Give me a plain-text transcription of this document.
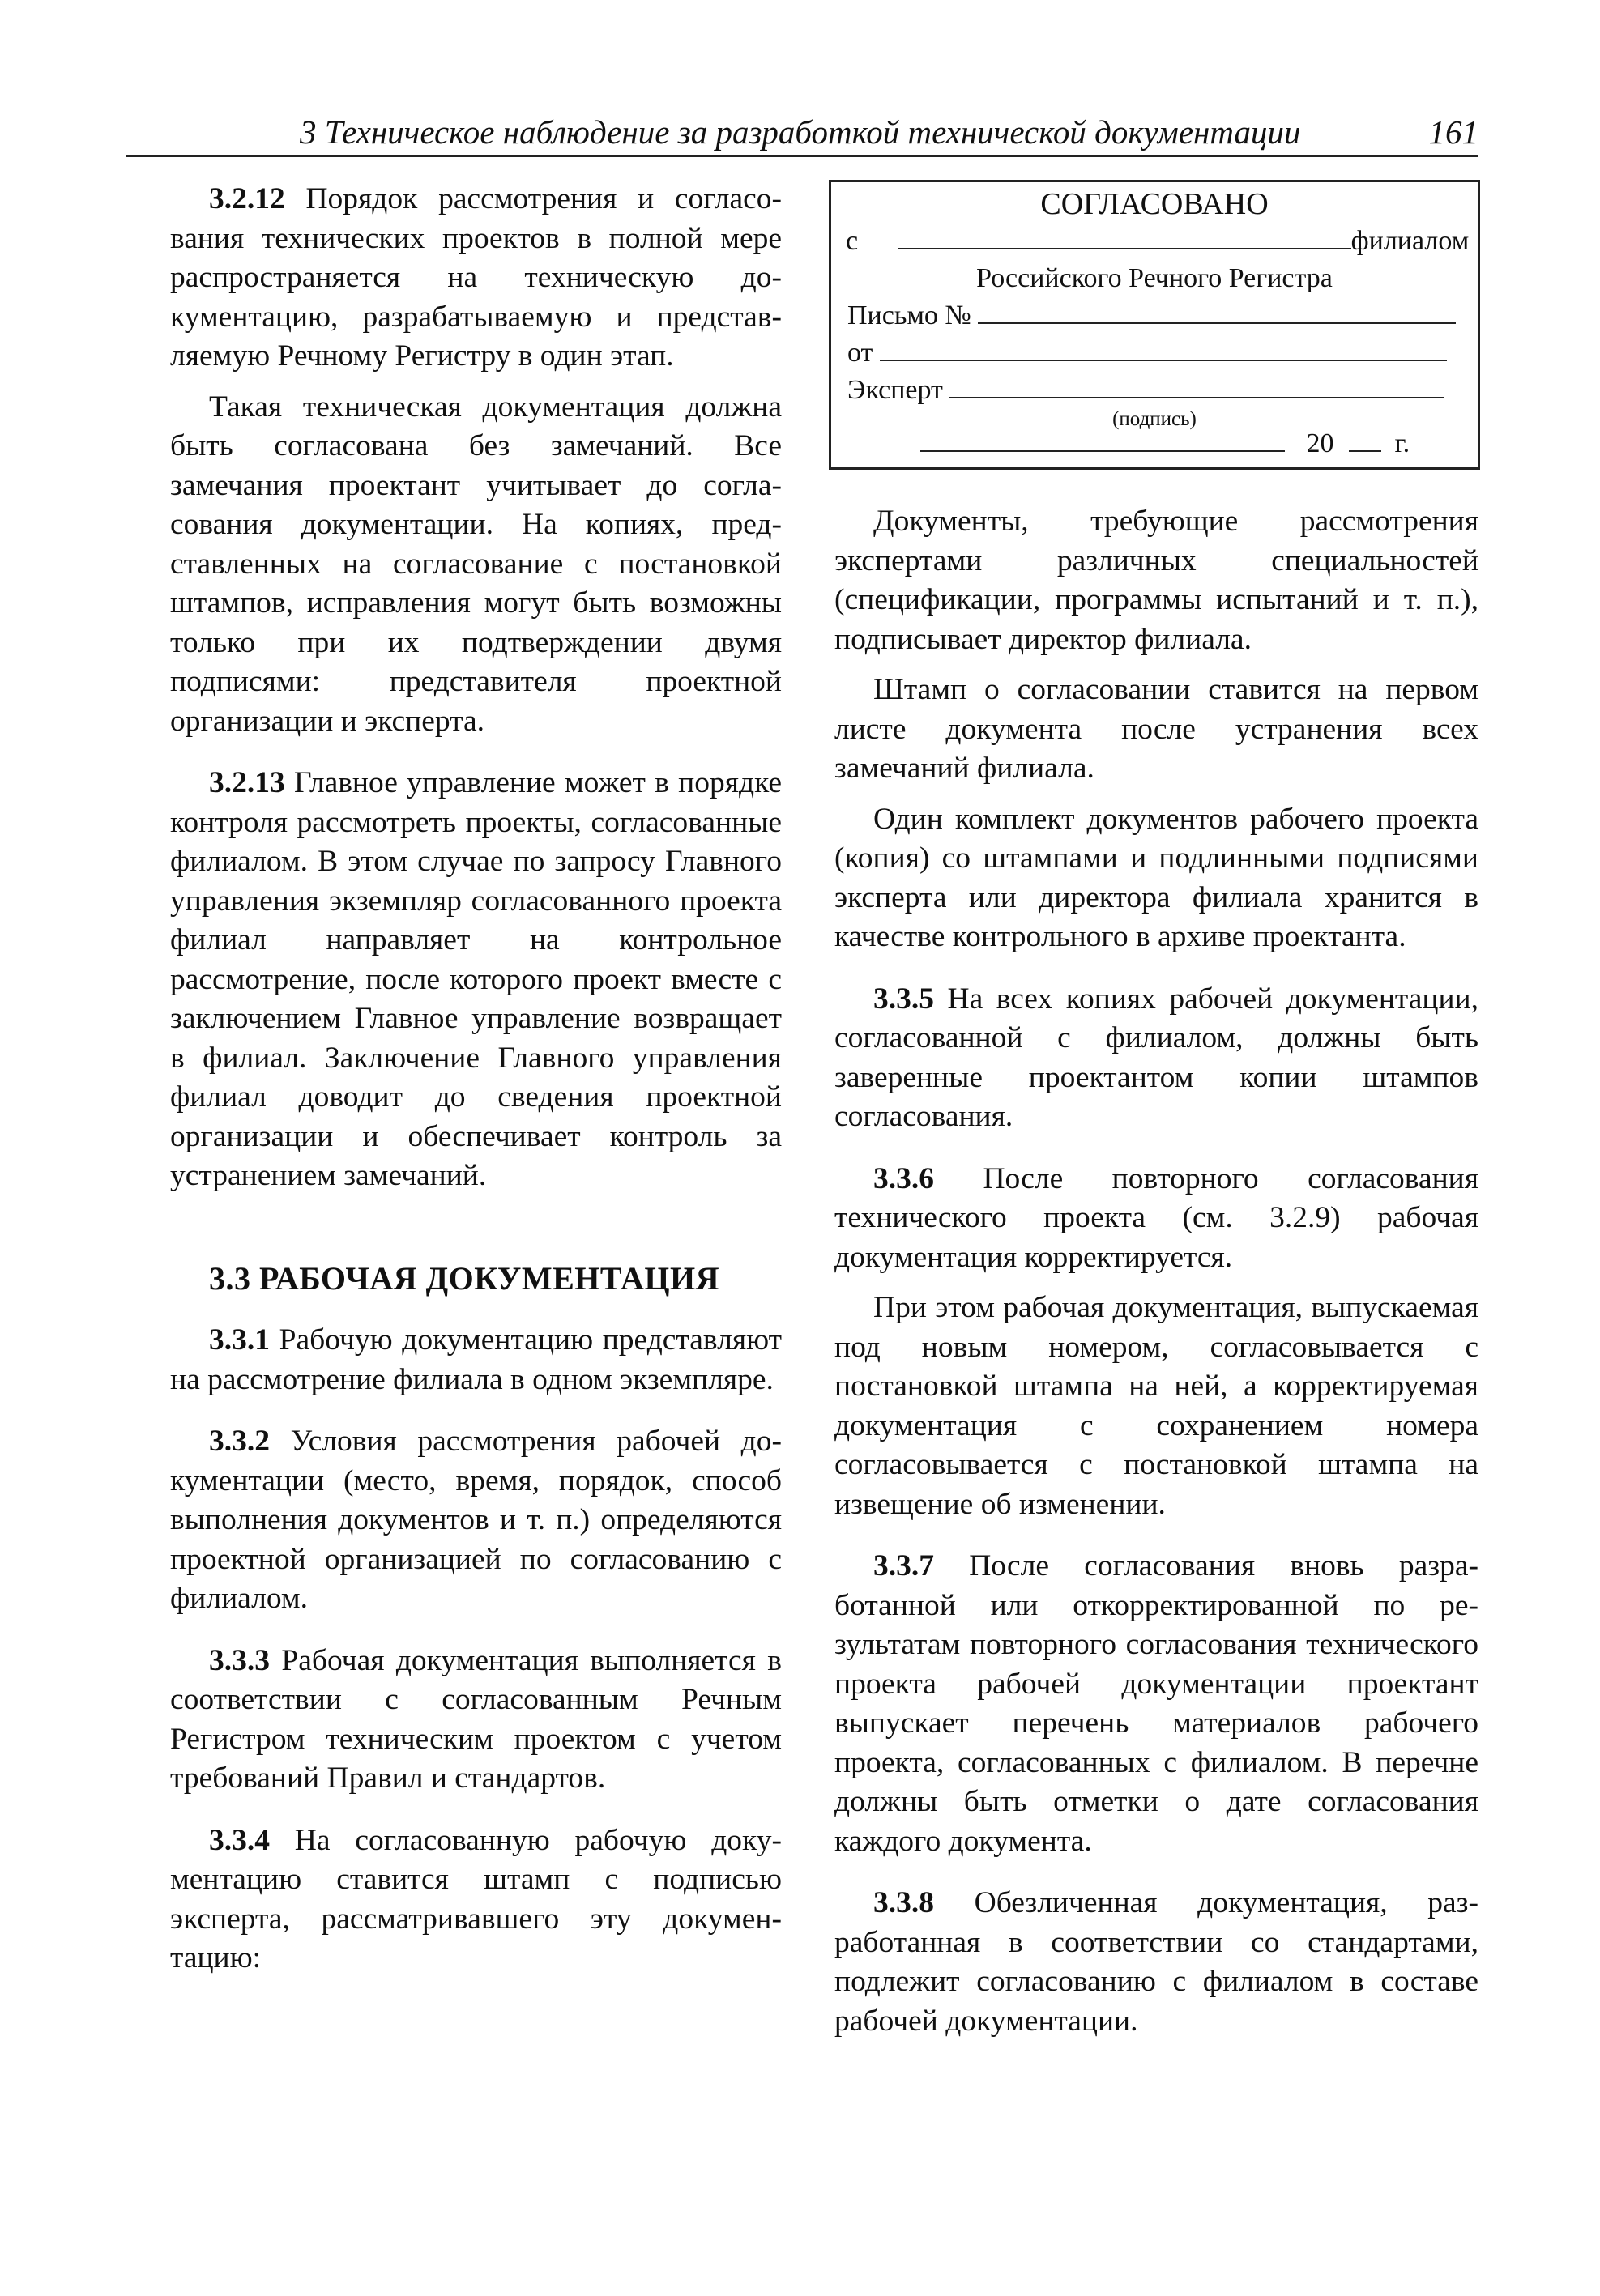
3 Техническое наблюдение за разработкой технической документации	161

3.2.12 Порядок рассмотрения и согласования технических проектов в полной мере распространяется на техническую документацию, разрабатываемую и представляемую Речному Регистру в один этап.

Такая техническая документация должна быть согласована без замечаний. Все замечания проектант учитывает до согласования документации. На копиях, представленных на согласование с постановкой штампов, исправления могут быть возможны только при их подтверждении двумя подписями: представителя проектной организации и эксперта.

3.2.13 Главное управление может в порядке контроля рассмотреть проекты, согласованные филиалом. В этом случае по запросу Главного управления экземпляр согласованного проекта филиал направляет на контрольное рассмотрение, после которого проект вместе с заключением Главное управление возвращает в филиал. Заключение Главного управления филиал доводит до сведения проектной организации и обеспечивает контроль за устранением замечаний.

3.3 РАБОЧАЯ ДОКУМЕНТАЦИЯ

3.3.1 Рабочую документацию представляют на рассмотрение филиала в одном экземпляре.

3.3.2 Условия рассмотрения рабочей документации (место, время, порядок, способ выполнения документов и т. п.) определяются проектной организацией по согласованию с филиалом.

3.3.3 Рабочая документация выполняется в соответствии с согласованным Речным Регистром техническим проектом с учетом требований Правил и стандартов.

3.3.4 На согласованную рабочую документацию ставится штамп с подписью эксперта, рассматривавшего эту документацию:

СОГЛАСОВАНО
с	филиалом
Российского Речного Регистра
Письмо №
от
Эксперт
(подпись)
20 г.

Документы, требующие рассмотрения экспертами различных специальностей (спецификации, программы испытаний и т. п.), подписывает директор филиала.

Штамп о согласовании ставится на первом листе документа после устранения всех замечаний филиала.

Один комплект документов рабочего проекта (копия) со штампами и подлинными подписями эксперта или директора филиала хранится в качестве контрольного в архиве проектанта.

3.3.5 На всех копиях рабочей документации, согласованной с филиалом, должны быть заверенные проектантом копии штампов согласования.

3.3.6 После повторного согласования технического проекта (см. 3.2.9) рабочая документация корректируется.

При этом рабочая документация, выпускаемая под новым номером, согласовывается с постановкой штампа на ней, а корректируемая документация с сохранением номера согласовывается с постановкой штампа на извещение об изменении.

3.3.7 После согласования вновь разработанной или откорректированной по результатам повторного согласования технического проекта рабочей документации проектант выпускает перечень материалов рабочего проекта, согласованных с филиалом. В перечне должны быть отметки о дате согласования каждого документа.

3.3.8 Обезличенная документация, разработанная в соответствии со стандартами, подлежит согласованию с филиалом в составе рабочей документации.
